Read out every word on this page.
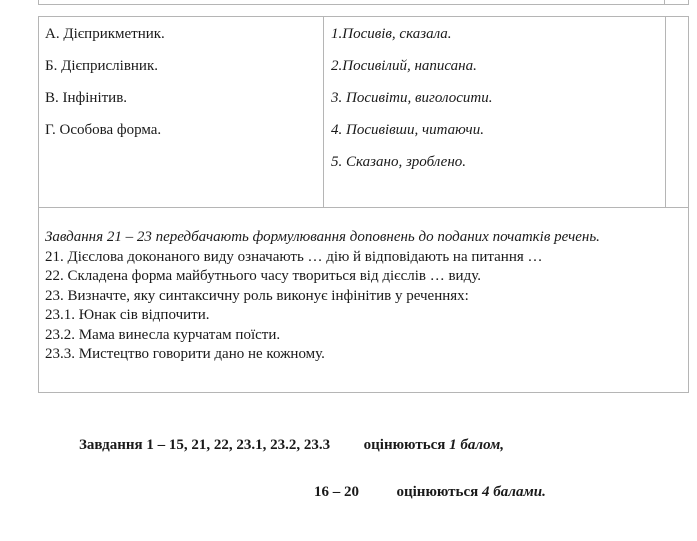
А. Дієприкметник.
Б. Дієприслівник.
В. Інфінітив.
Г. Особова форма.
1.Посивів, сказала.
2.Посивілий, написана.
3. Посивіти, виголосити.
4. Посивівши, читаючи.
5. Сказано, зроблено.
Завдання 21 – 23 передбачають формулювання доповнень до поданих початків речень.
21. Дієслова доконаного виду означають … дію й відповідають на питання …
22. Складена форма майбутнього часу твориться від дієслів … виду.
23. Визначте, яку синтаксичну роль виконує інфінітив у реченнях:
23.1. Юнак сів відпочити.
23.2. Мама винесла курчатам поїсти.
23.3. Мистецтво говорити дано не кожному.
Завдання 1 – 15, 21, 22, 23.1, 23.2, 23.3 оцінюються 1 балом,
16 – 20	оцінюються 4 балами.
